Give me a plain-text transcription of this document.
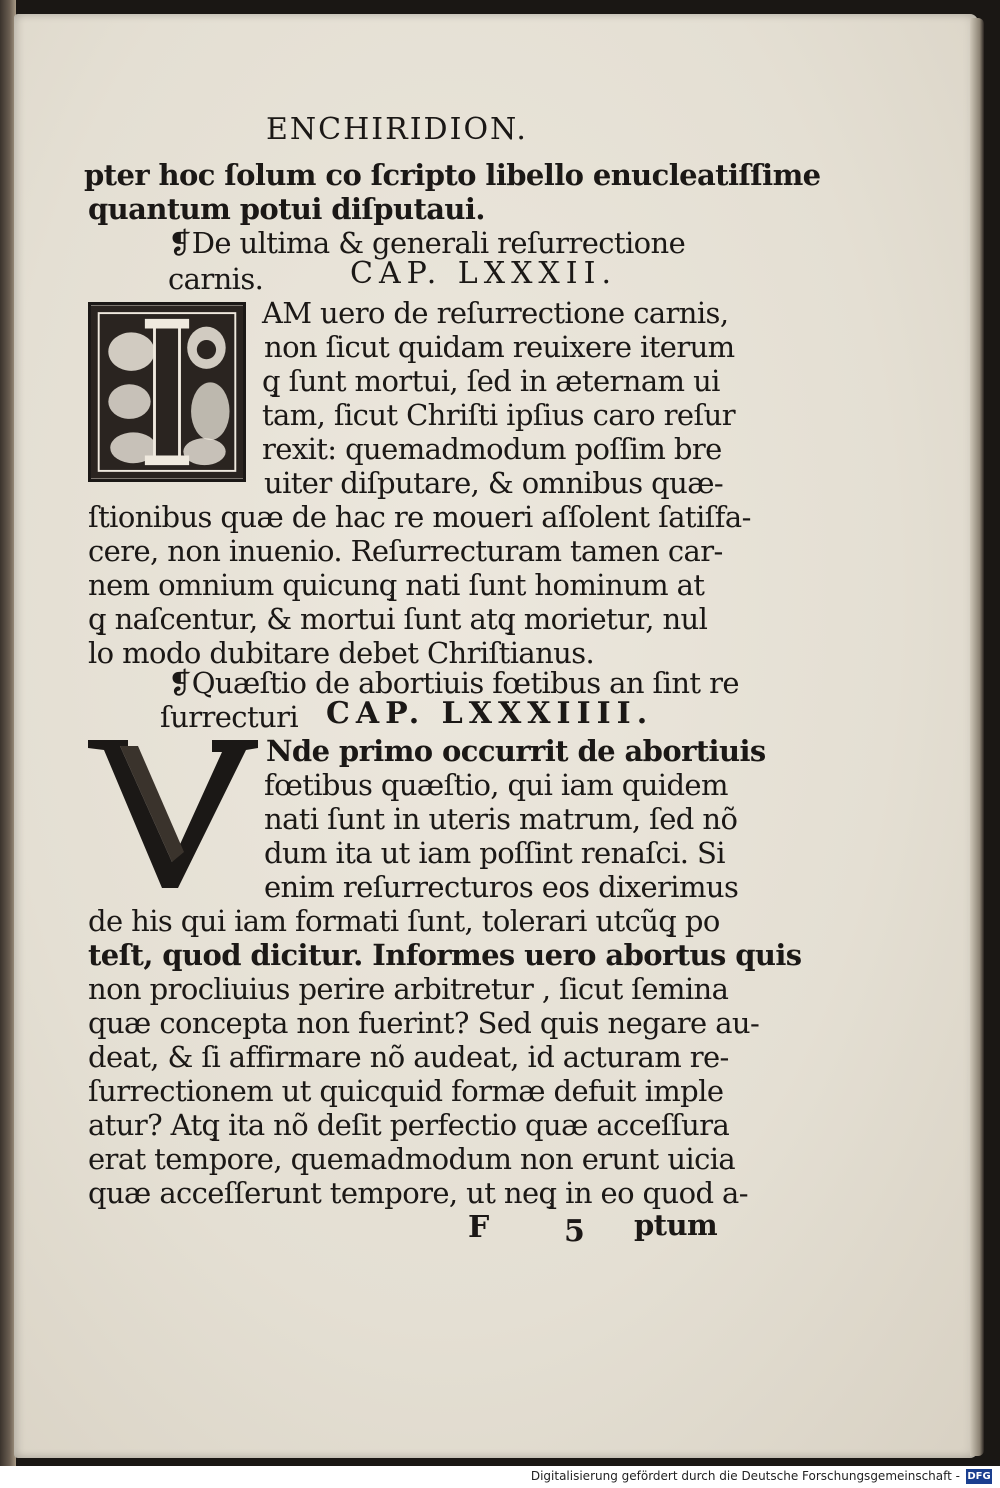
ENCHIRIDION.
pter hoc ſolum co ſcripto libello enucleatiſſime
quantum potui diſputaui.
❡De ultima & generali reſurrectione
carnis.	CAP. LXXXII.
AM uero de reſurrectione carnis,
non ſicut quidam reuixere iterum
q̧ ſunt mortui, ſed in æternam ui
tam, ſicut Chriſti ipſius caro reſur
rexit: quemadmodum poſſim bre
uiter diſputare, & omnibus quæ-
ſtionibus quæ de hac re moueri aſſolent ſatiſfa-
cere, non inuenio. Reſurrecturam tamen car-
nem omnium quicunq̧ nati ſunt hominum at
q̧ naſcentur, & mortui ſunt atq̧ morietur, nul
lo modo dubitare debet Chriſtianus.
❡Quæſtio de abortiuis fœtibus an ſint re
ſurrecturi CAP. LXXXIIII.
Nde primo occurrit de abortiuis
fœtibus quæſtio, qui iam quidem
nati ſunt in uteris matrum, ſed nõ
dum ita ut iam poſſint renaſci. Si
enim reſurrecturos eos dixerimus
de his qui iam formati ſunt, tolerari utcũq̧ po
teſt, quod dicitur. Informes uero abortus quis
non procliuius perire arbitretur , ſicut ſemina
quæ concepta non fuerint? Sed quis negare au-
deat, & ſi affirmare nõ audeat, id acturam re-
ſurrectionem ut quicquid formæ defuit imple
atur? Atq̧ ita nõ deſit perfectio quæ acceſſura
erat tempore, quemadmodum non erunt uicia
quæ acceſſerunt tempore, ut neq̧ in eo quod a-
F	5 ptum
Digitalisierung gefördert durch die Deutsche Forschungsgemeinschaft - DFG
